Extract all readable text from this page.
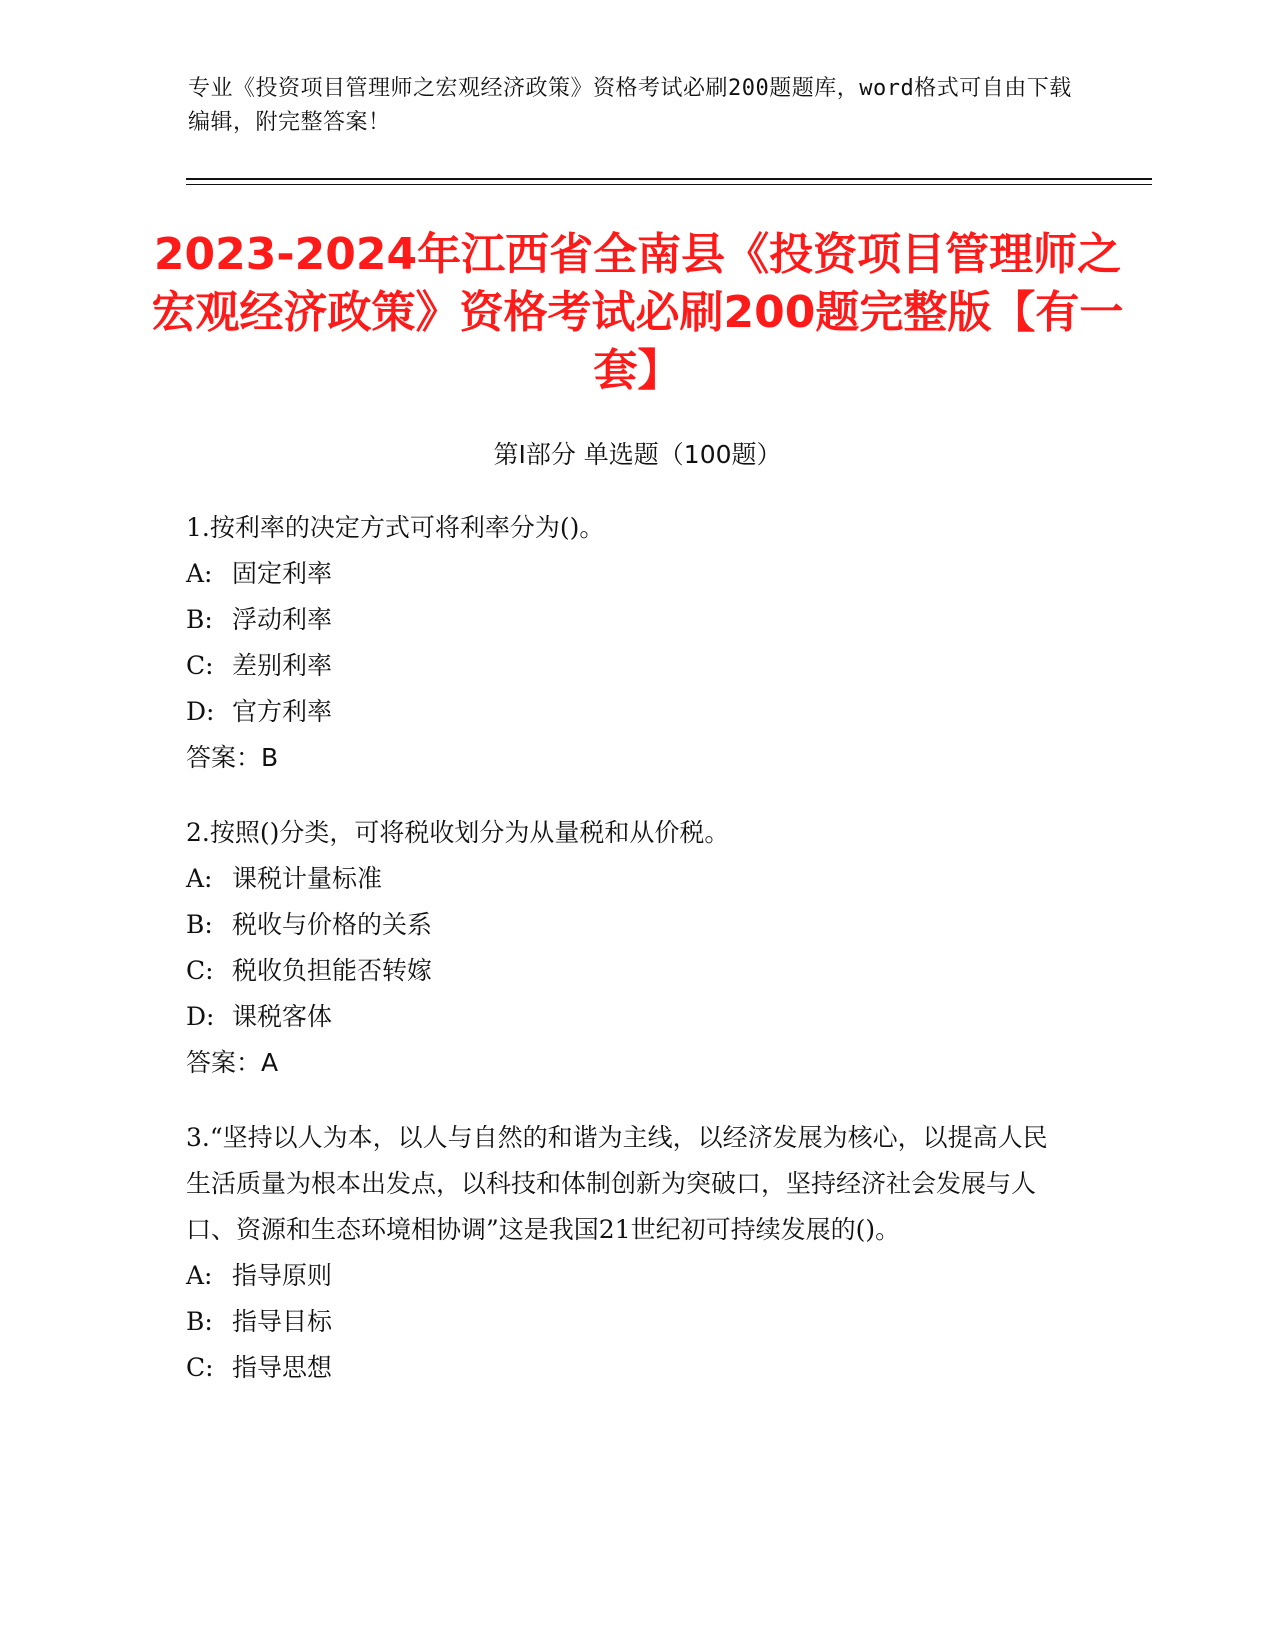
专业《投资项目管理师之宏观经济政策》资格考试必刷200题题库，word格式可自由下载编辑，附完整答案！
2023-2024年江西省全南县《投资项目管理师之宏观经济政策》资格考试必刷200题完整版【有一套】
第Ⅰ部分 单选题（100题）
1.按利率的决定方式可将利率分为()。
A: 固定利率
B: 浮动利率
C: 差别利率
D: 官方利率
答案：B
2.按照()分类，可将税收划分为从量税和从价税。
A: 课税计量标准
B: 税收与价格的关系
C: 税收负担能否转嫁
D: 课税客体
答案：A
3.“坚持以人为本，以人与自然的和谐为主线，以经济发展为核心，以提高人民生活质量为根本出发点，以科技和体制创新为突破口，坚持经济社会发展与人口、资源和生态环境相协调”这是我国21世纪初可持续发展的()。
A: 指导原则
B: 指导目标
C: 指导思想
